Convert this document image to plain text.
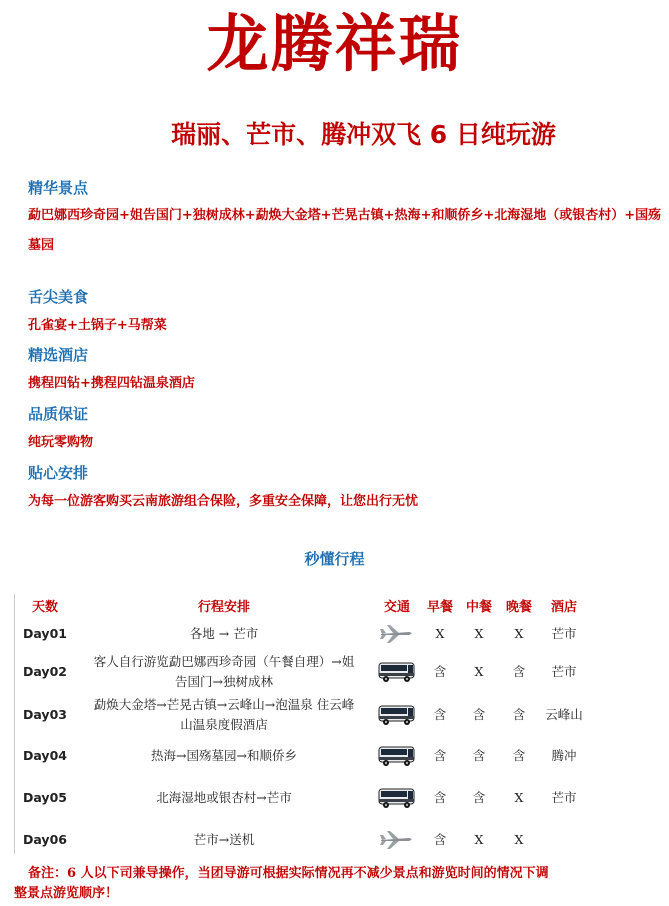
龙腾祥瑞
瑞丽、芒市、腾冲双飞 6 日纯玩游
精华景点
勐巴娜西珍奇园+姐告国门+独树成林+勐焕大金塔+芒晃古镇+热海+和顺侨乡+北海湿地（或银杏村）+国殇
墓园
舌尖美食
孔雀宴+土锅子+马帮菜
精选酒店
携程四钻+携程四钻温泉酒店
品质保证
纯玩零购物
贴心安排
为每一位游客购买云南旅游组合保险，多重安全保障，让您出行无忧
秒懂行程
天数	行程安排	交通	早餐	中餐	晚餐	酒店
Day01	各地 → 芒市		X	X	X	芒市
Day02	客人自行游览勐巴娜西珍奇园（午餐自理）→姐告国门→独树成林		含	X	含	芒市
Day03	勐焕大金塔→芒晃古镇→云峰山→泡温泉 住云峰山温泉度假酒店		含	含	含	云峰山
Day04	热海→国殇墓园→和顺侨乡		含	含	含	腾冲
Day05	北海湿地或银杏村→芒市		含	含	X	芒市
Day06	芒市→送机		含	X	X	
备注：6 人以下司兼导操作，当团导游可根据实际情况再不减少景点和游览时间的情况下调
整景点游览顺序！
